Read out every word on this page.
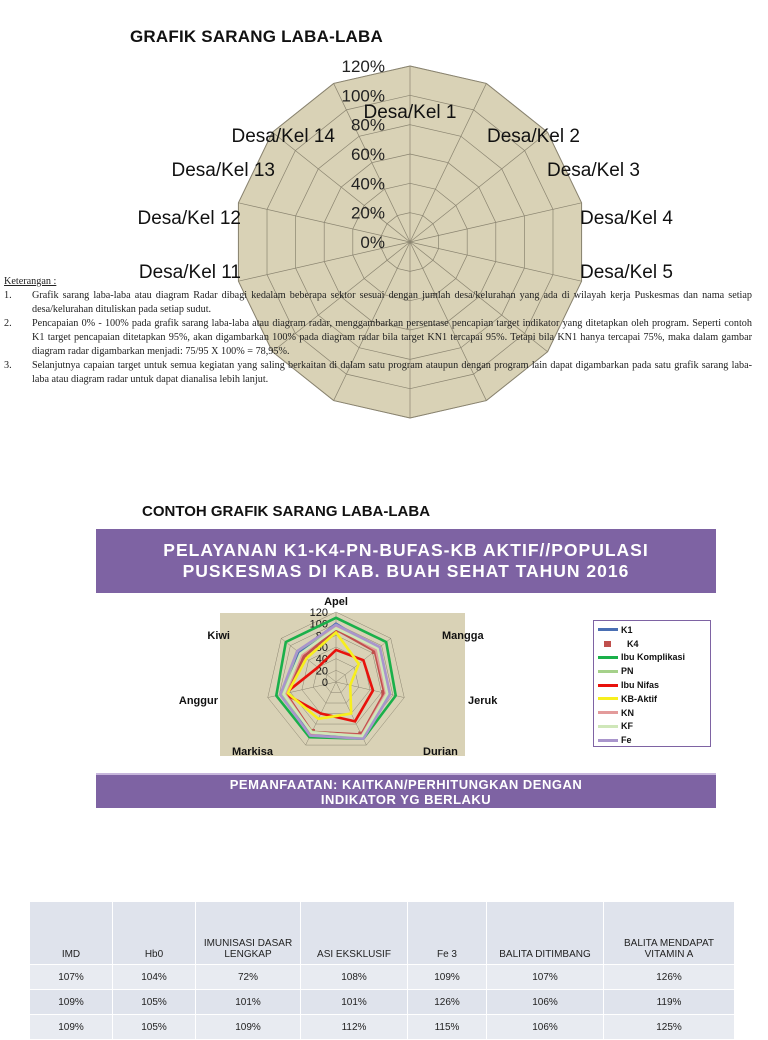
GRAFIK SARANG LABA-LABA
0%
20%
40%
60%
80%
100%
120%
Desa/Kel 1
Desa/Kel 2
Desa/Kel 3
Desa/Kel 4
Desa/Kel 5
Desa/Kel 11
Desa/Kel 12
Desa/Kel 13
Desa/Kel 14
Keterangan :
1.	Grafik sarang laba-laba atau diagram Radar dibagi kedalam beberapa sektor sesuai dengan jumlah desa/kelurahan yang ada di wilayah kerja Puskesmas dan nama setiap desa/kelurahan dituliskan pada setiap sudut.
2.	Pencapaian 0% - 100% pada grafik sarang laba-laba atau diagram radar, menggambarkan persentase pencapian target indikator yang ditetapkan oleh program. Seperti contoh K1 target pencapaian ditetapkan 95%, akan digambarkan 100% pada diagram radar bila target KN1 tercapai 95%. Tetapi bila KN1 hanya tercapai 75%, maka dalam gambar diagram radar digambarkan menjadi: 75/95 X 100% = 78,95%.
3.	Selanjutnya capaian target untuk semua kegiatan yang saling berkaitan di dalam satu program ataupun dengan program lain dapat digambarkan pada satu grafik sarang laba-laba atau diagram radar untuk dapat dianalisa lebih lanjut.
CONTOH GRAFIK SARANG LABA-LABA
PELAYANAN K1-K4-PN-BUFAS-KB AKTIF//POPULASI
PUSKESMAS DI KAB. BUAH SEHAT TAHUN 2016
0
20
40
60
80
100
120
Apel
Mangga
Jeruk
Durian
Markisa
Anggur
Kiwi
K1
K4
Ibu Komplikasi
PN
Ibu Nifas
KB-Aktif
KN
KF
Fe
PEMANFAATAN: KAITKAN/PERHITUNGKAN DENGAN
INDIKATOR YG BERLAKU
IMD	Hb0	IMUNISASI DASAR LENGKAP	ASI EKSKLUSIF	Fe 3	BALITA DITIMBANG	BALITA MENDAPAT VITAMIN A
107%	104%	72%	108%	109%	107%	126%
109%	105%	101%	101%	126%	106%	119%
109%	105%	109%	112%	115%	106%	125%
